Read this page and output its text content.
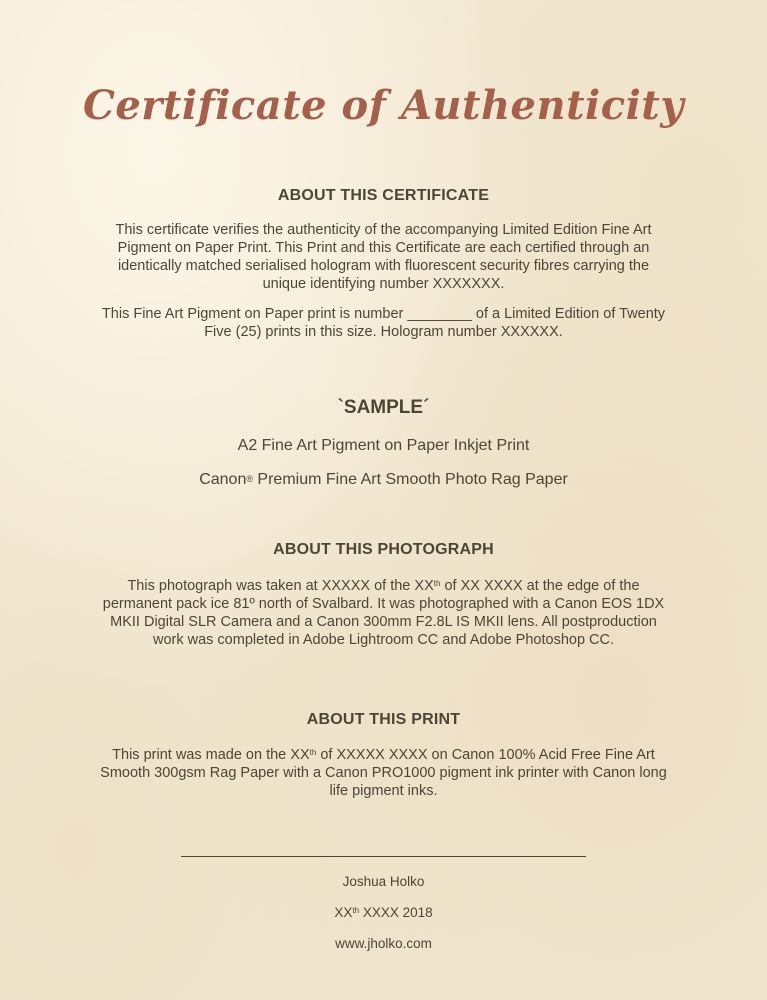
Certificate of Authenticity
ABOUT THIS CERTIFICATE

This certificate verifies the authenticity of the accompanying Limited Edition Fine Art Pigment on Paper Print. This Print and this Certificate are each certified through an identically matched serialised hologram with fluorescent security fibres carrying the unique identifying number XXXXXXX.

This Fine Art Pigment on Paper print is number ________ of a Limited Edition of Twenty Five (25) prints in this size. Hologram number XXXXXX.

`SAMPLE´

A2 Fine Art Pigment on Paper Inkjet Print

Canon® Premium Fine Art Smooth Photo Rag Paper

ABOUT THIS PHOTOGRAPH

This photograph was taken at XXXXX of the XXth of XX XXXX at the edge of the permanent pack ice 81º north of Svalbard. It was photographed with a Canon EOS 1DX MKII Digital SLR Camera and a Canon 300mm F2.8L IS MKII lens. All postproduction work was completed in Adobe Lightroom CC and Adobe Photoshop CC.

ABOUT THIS PRINT

This print was made on the XXth of XXXXX XXXX on Canon 100% Acid Free Fine Art Smooth 300gsm Rag Paper with a Canon PRO1000 pigment ink printer with Canon long life pigment inks.

Joshua Holko

XXth XXXX 2018

www.jholko.com
